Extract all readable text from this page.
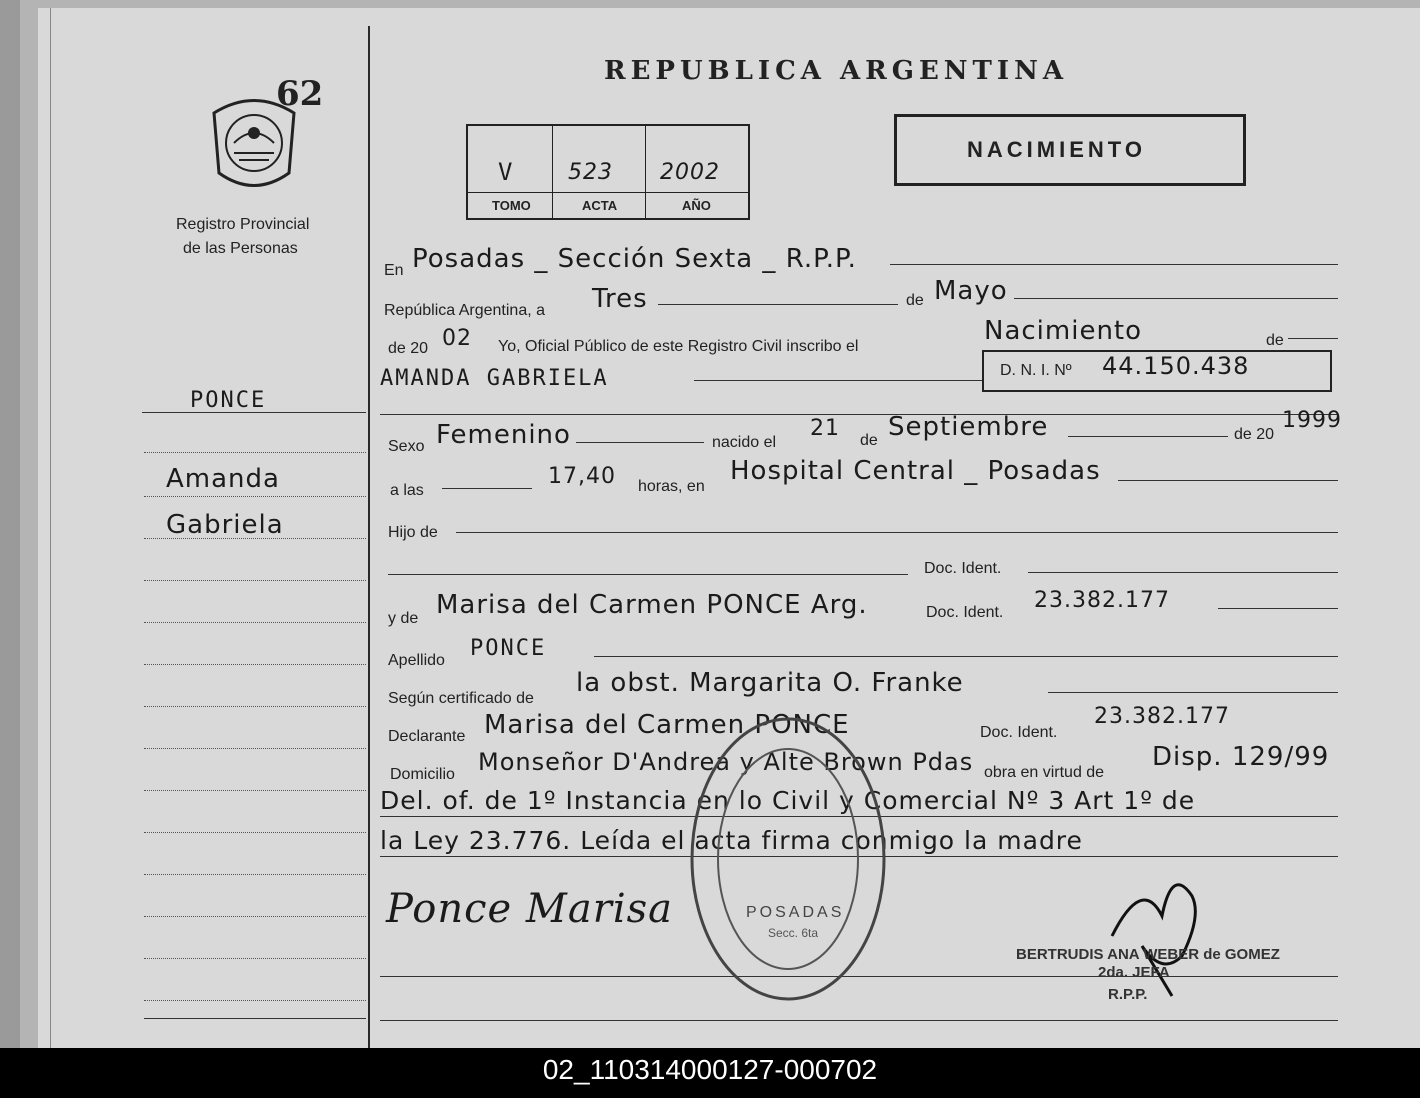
62
Registro Provincial
de las Personas
REPUBLICA ARGENTINA
V 523 2002
TOMO	ACTA	AÑO
NACIMIENTO
PONCE
Amanda
Gabriela
En Posadas _ Sección Sexta _ R.P.P.
República Argentina, a Tres	de Mayo
de 20 02 Yo, Oficial Público de este Registro Civil inscribo el
Nacimiento	de
AMANDA GABRIELA	D. N. I. Nº 44.150.438
Sexo Femenino	nacido el
21 de Septiembre	de 20
1999
a las
17,40 horas, en
Hospital Central _ Posadas
Hijo de
Doc. Ident.
y de Marisa del Carmen PONCE Arg.	Doc. Ident. 23.382.177
Apellido PONCE
Según certificado de
la obst. Margarita O. Franke
Declarante Marisa del Carmen PONCE	Doc. Ident.
23.382.177
Domicilio Monseñor D'Andrea y Alte Brown Pdas obra en virtud de
Disp. 129/99
Del. of. de 1º Instancia en lo Civil y Comercial Nº 3 Art 1º de
la Ley 23.776. Leída el acta firma conmigo la madre
POSADAS
Secc. 6ta
Ponce Marisa
BERTRUDIS ANA WEBER de GOMEZ
2da. JEFA
R.P.P.
02_110314000127-000702
